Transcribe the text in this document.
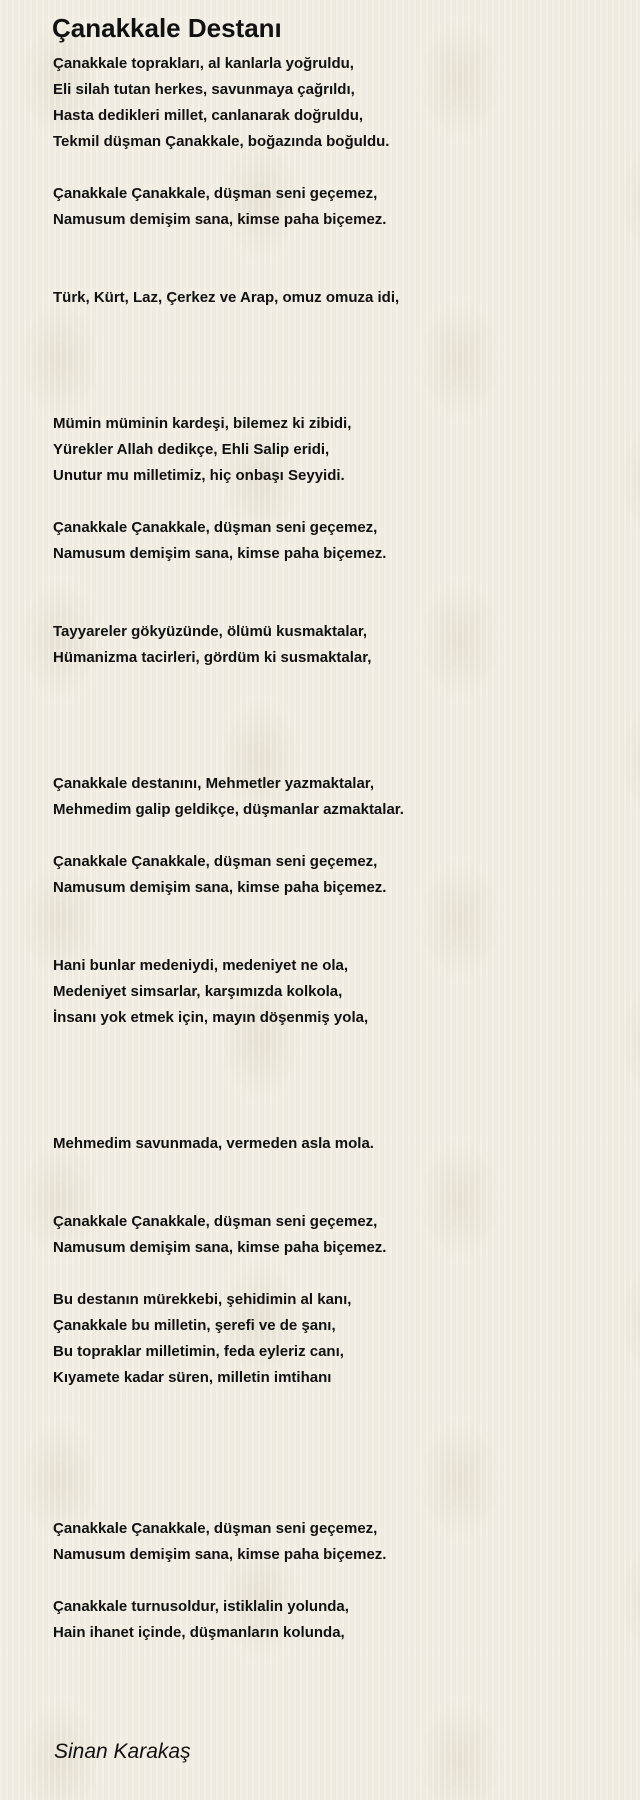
Çanakkale Destanı
Çanakkale toprakları, al kanlarla yoğruldu,
Eli silah tutan herkes, savunmaya çağrıldı,
Hasta dedikleri millet, canlanarak doğruldu,
Tekmil düşman Çanakkale, boğazında boğuldu.
Çanakkale Çanakkale, düşman seni geçemez,
Namusum demişim sana, kimse paha biçemez.
Türk, Kürt, Laz, Çerkez ve Arap, omuz omuza idi,
Mümin müminin kardeşi, bilemez ki zibidi,
Yürekler Allah dedikçe, Ehli Salip eridi,
Unutur mu milletimiz, hiç onbaşı Seyyidi.
Çanakkale Çanakkale, düşman seni geçemez,
Namusum demişim sana, kimse paha biçemez.
Tayyareler gökyüzünde, ölümü kusmaktalar,
Hümanizma tacirleri, gördüm ki susmaktalar,
Çanakkale destanını, Mehmetler yazmaktalar,
Mehmedim galip geldikçe, düşmanlar azmaktalar.
Çanakkale Çanakkale, düşman seni geçemez,
Namusum demişim sana, kimse paha biçemez.
Hani bunlar medeniydi, medeniyet ne ola,
Medeniyet simsarlar, karşımızda kolkola,
İnsanı yok etmek için, mayın döşenmiş yola,
Mehmedim savunmada, vermeden asla mola.
Çanakkale Çanakkale, düşman seni geçemez,
Namusum demişim sana, kimse paha biçemez.
Bu destanın mürekkebi, şehidimin al kanı,
Çanakkale bu milletin, şerefi ve de şanı,
Bu topraklar milletimin, feda eyleriz canı,
Kıyamete kadar süren, milletin imtihanı
Çanakkale Çanakkale, düşman seni geçemez,
Namusum demişim sana, kimse paha biçemez.
Çanakkale turnusoldur, istiklalin yolunda,
Hain ihanet içinde, düşmanların kolunda,
Sinan Karakaş
